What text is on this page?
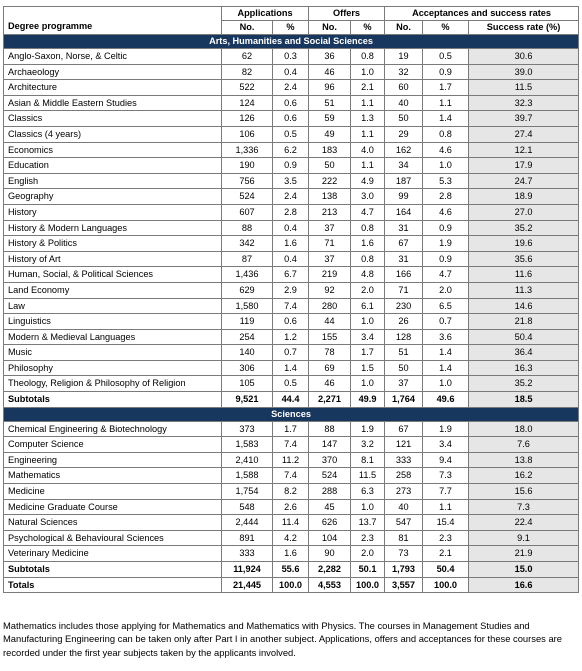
Degree programme	Applications		Offers		Acceptances and success rates		
	No.	%	No.	%	No.	%	Success rate (%)
Arts, Humanities and Social Sciences							
Anglo-Saxon, Norse, & Celtic	62	0.3	36	0.8	19	0.5	30.6
Archaeology	82	0.4	46	1.0	32	0.9	39.0
Architecture	522	2.4	96	2.1	60	1.7	11.5
Asian & Middle Eastern Studies	124	0.6	51	1.1	40	1.1	32.3
Classics	126	0.6	59	1.3	50	1.4	39.7
Classics (4 years)	106	0.5	49	1.1	29	0.8	27.4
Economics	1,336	6.2	183	4.0	162	4.6	12.1
Education	190	0.9	50	1.1	34	1.0	17.9
English	756	3.5	222	4.9	187	5.3	24.7
Geography	524	2.4	138	3.0	99	2.8	18.9
History	607	2.8	213	4.7	164	4.6	27.0
History & Modern Languages	88	0.4	37	0.8	31	0.9	35.2
History & Politics	342	1.6	71	1.6	67	1.9	19.6
History of Art	87	0.4	37	0.8	31	0.9	35.6
Human, Social, & Political Sciences	1,436	6.7	219	4.8	166	4.7	11.6
Land Economy	629	2.9	92	2.0	71	2.0	11.3
Law	1,580	7.4	280	6.1	230	6.5	14.6
Linguistics	119	0.6	44	1.0	26	0.7	21.8
Modern & Medieval Languages	254	1.2	155	3.4	128	3.6	50.4
Music	140	0.7	78	1.7	51	1.4	36.4
Philosophy	306	1.4	69	1.5	50	1.4	16.3
Theology, Religion & Philosophy of Religion	105	0.5	46	1.0	37	1.0	35.2
Subtotals	9,521	44.4	2,271	49.9	1,764	49.6	18.5
Sciences							
Chemical Engineering & Biotechnology	373	1.7	88	1.9	67	1.9	18.0
Computer Science	1,583	7.4	147	3.2	121	3.4	7.6
Engineering	2,410	11.2	370	8.1	333	9.4	13.8
Mathematics	1,588	7.4	524	11.5	258	7.3	16.2
Medicine	1,754	8.2	288	6.3	273	7.7	15.6
Medicine Graduate Course	548	2.6	45	1.0	40	1.1	7.3
Natural Sciences	2,444	11.4	626	13.7	547	15.4	22.4
Psychological & Behavioural Sciences	891	4.2	104	2.3	81	2.3	9.1
Veterinary Medicine	333	1.6	90	2.0	73	2.1	21.9
Subtotals	11,924	55.6	2,282	50.1	1,793	50.4	15.0
Totals	21,445	100.0	4,553	100.0	3,557	100.0	16.6

Mathematics includes those applying for Mathematics and Mathematics with Physics. The courses in Management Studies and Manufacturing Engineering can be taken only after Part I in another subject. Applications, offers and acceptances for these courses are recorded under the first year subjects taken by the applicants involved.
